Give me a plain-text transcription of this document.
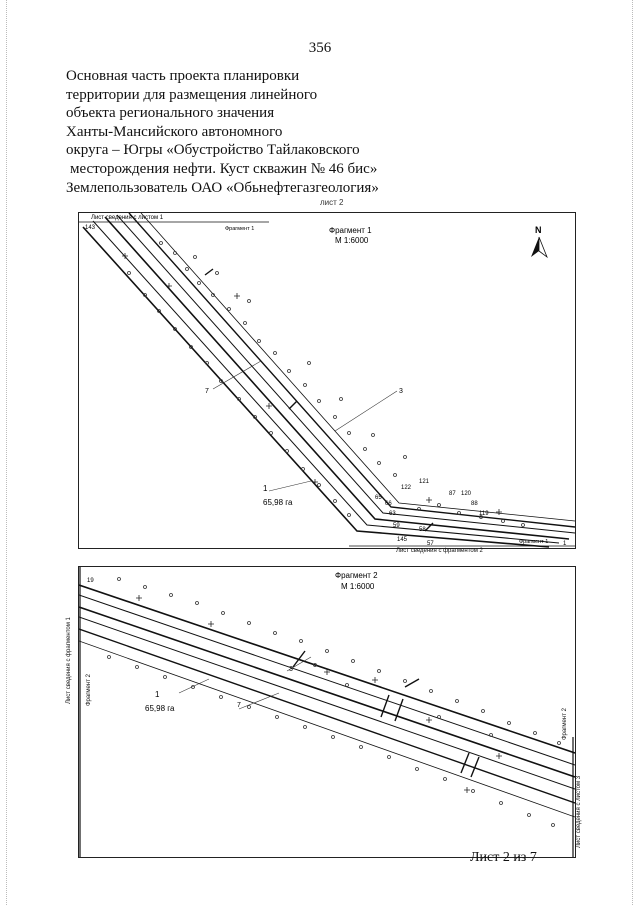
356
Основная часть проекта планировки
территории для размещения линейного
объекта регионального значения
Ханты-Мансийского автономного
округа – Югры «Обустройство Тайлаковского
месторождения нефти. Куст скважин № 46 бис»
Землепользователь ОАО «Обьнефтегазгеология»
лист 2
Лист сведения с листом 1
Фрагмент 1	Фрагмент 1
М 1:6000
N
3
7
1
65,98 га
143
121
122
87 120
88
119
65
66
63
59
58
145
57	1
Фрагмент 1
Лист сведения с фрагментом 2
Фрагмент 2
М 1:6000
19
3
7
1
65,98 га
Лист сведения с фрагментом 1 Фрагмент 2
Фрагмент 2
Лист сведения с листом 3
Лист 2 из 7
